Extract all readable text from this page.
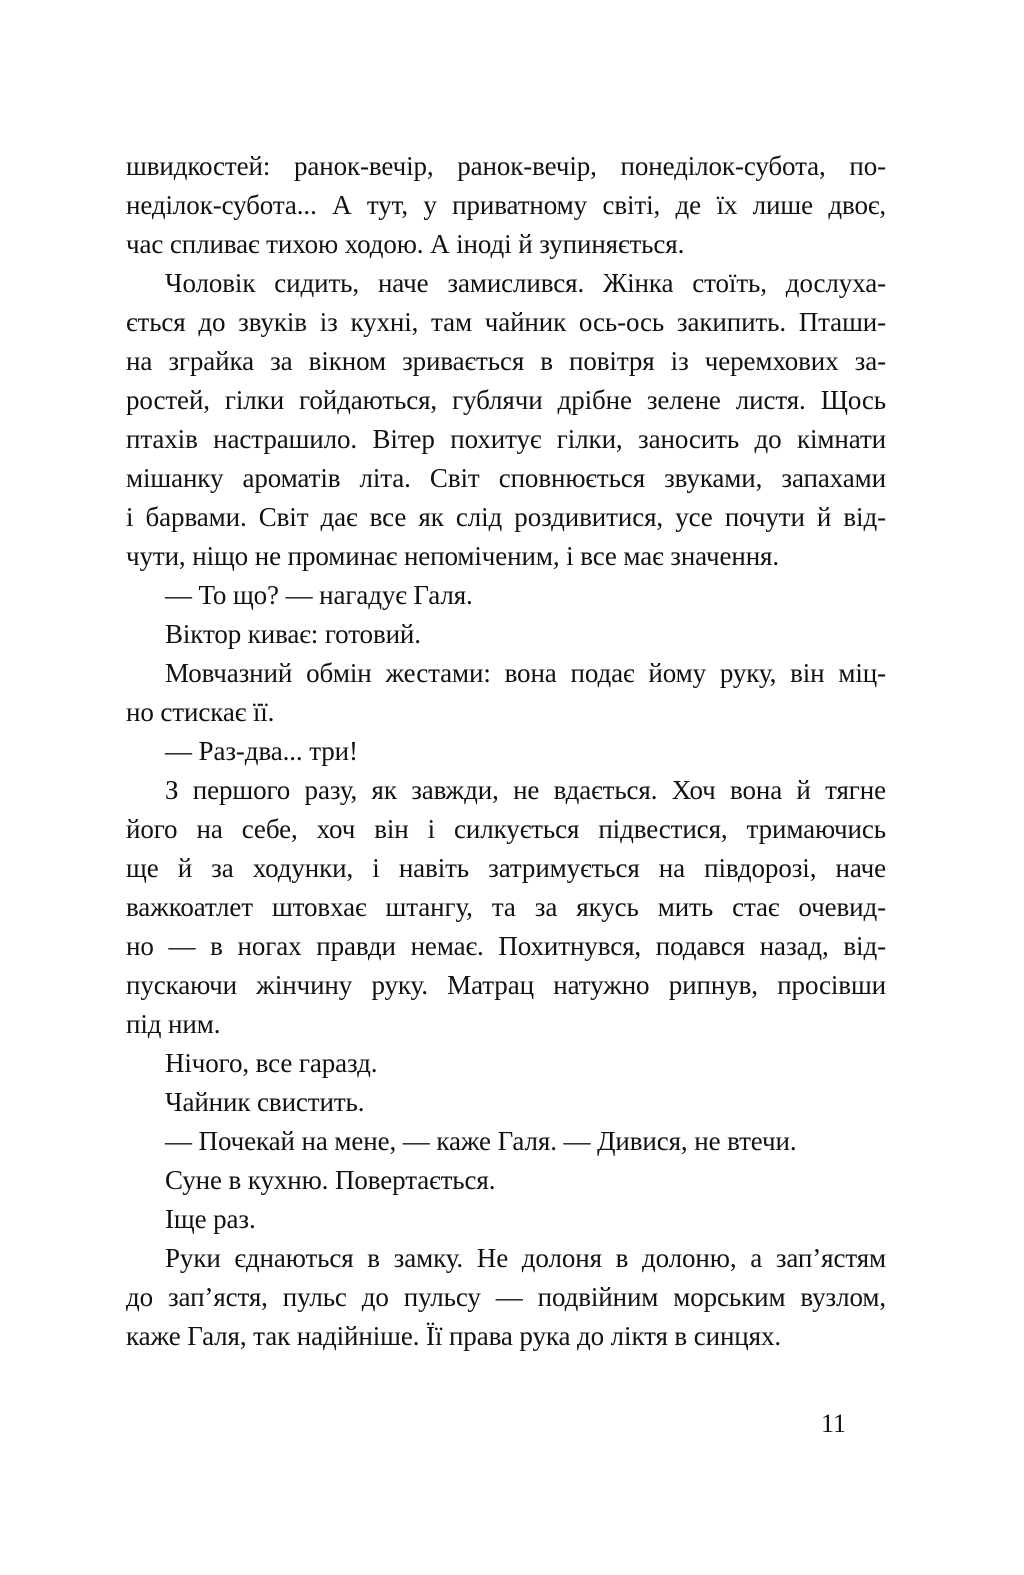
швидкостей: ранок-вечір, ранок-вечір, понеділок-субота, по-
неділок-субота... А тут, у приватному світі, де їх лише двоє,
час спливає тихою ходою. А іноді й зупиняється.
Чоловік сидить, наче замислився. Жінка стоїть, дослуха-
ється до звуків із кухні, там чайник ось-ось закипить. Пташи-
на зграйка за вікном зривається в повітря із черемхових за-
ростей, гілки гойдаються, гублячи дрібне зелене листя. Щось
птахів настрашило. Вітер похитує гілки, заносить до кімнати
мішанку ароматів літа. Світ сповнюється звуками, запахами
і барвами. Світ дає все як слід роздивитися, усе почути й від-
чути, ніщо не проминає непоміченим, і все має значення.
— То що? — нагадує Галя.
Віктор киває: готовий.
Мовчазний обмін жестами: вона подає йому руку, він міц-
но стискає її.
— Раз-два... три!
З першого разу, як завжди, не вдається. Хоч вона й тягне
його на себе, хоч він і силкується підвестися, тримаючись
ще й за ходунки, і навіть затримується на півдорозі, наче
важкоатлет штовхає штангу, та за якусь мить стає очевид-
но — в ногах правди немає. Похитнувся, подався назад, від-
пускаючи жінчину руку. Матрац натужно рипнув, просівши
під ним.
Нічого, все гаразд.
Чайник свистить.
— Почекай на мене, — каже Галя. — Дивися, не втечи.
Суне в кухню. Повертається.
Іще раз.
Руки єднаються в замку. Не долоня в долоню, а зап’ястям
до зап’ястя, пульс до пульсу — подвійним морським вузлом,
каже Галя, так надійніше. Її права рука до ліктя в синцях.
11
